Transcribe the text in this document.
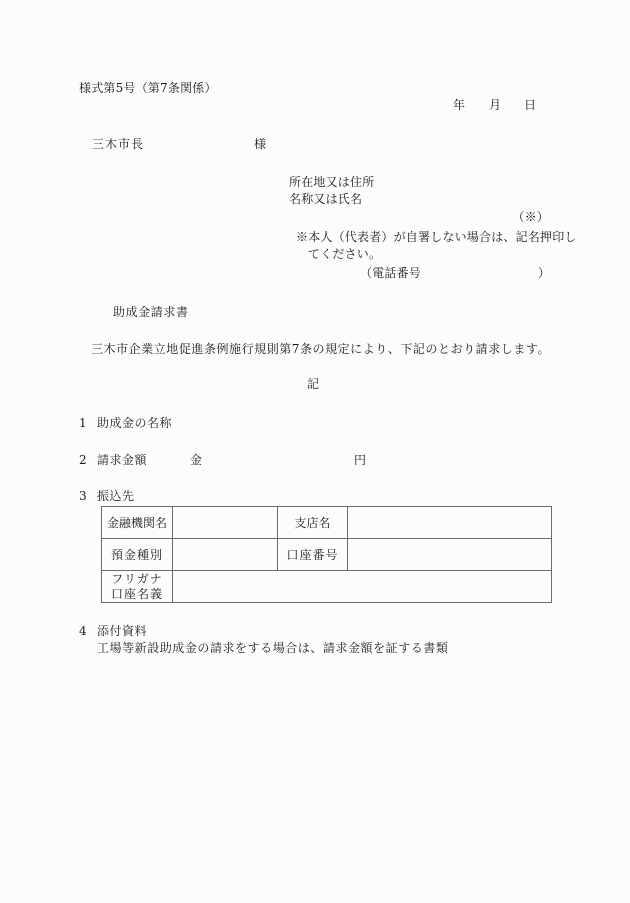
様式第5号（第7条関係）
年 月 日
三木市長	様
所在地又は住所
名称又は氏名
（※）
※本人（代表者）が自署しない場合は、記名押印し
てください。
（電話番号	）
助成金請求書
三木市企業立地促進条例施行規則第7条の規定により、下記のとおり請求します。
記
1 助成金の名称
2 請求金額	金	円
3 振込先
金融機関名		支店名	
預金種別		口座番号	

フリガナ
口座名義			

4 添付資料
工場等新設助成金の請求をする場合は、請求金額を証する書類
